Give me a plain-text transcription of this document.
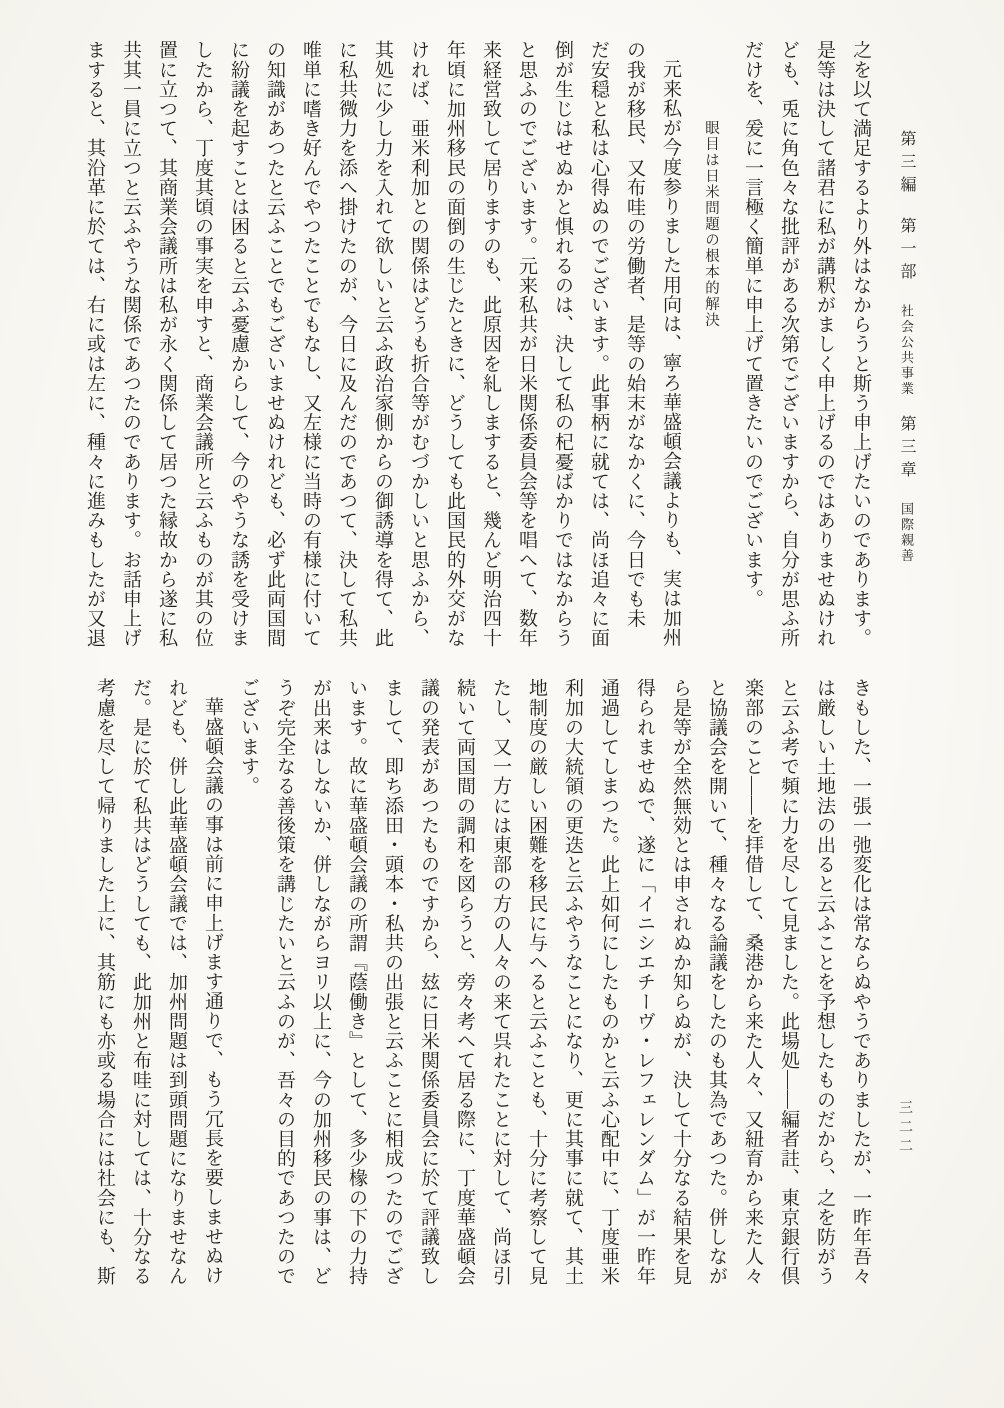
第三編第一部社会公共事業第三章国際親善
三二二
之を以て満足するより外はなからうと斯う申上げたいのであります。
是等は決して諸君に私が講釈がましく申上げるのではありませぬけれ
ども、兎に角色々な批評がある次第でございますから、自分が思ふ所
だけを、爰に一言極く簡単に申上げて置きたいのでございます。
眼目は日米問題の根本的解決
元来私が今度参りました用向は、寧ろ華盛頓会議よりも、実は加州
の我が移民、又布哇の労働者、是等の始末がなかくに、今日でも未
だ安穏と私は心得ぬのでございます。此事柄に就ては、尚ほ追々に面
倒が生じはせぬかと惧れるのは、決して私の杞憂ばかりではなからう
と思ふのでございます。元来私共が日米関係委員会等を唱へて、数年
来経営致して居りますのも、此原因を糺しますると、幾んど明治四十
年頃に加州移民の面倒の生じたときに、どうしても此国民的外交がな
ければ、亜米利加との関係はどうも折合等がむづかしいと思ふから、
其処に少し力を入れて欲しいと云ふ政治家側からの御誘導を得て、此
に私共微力を添へ掛けたのが、今日に及んだのであつて、決して私共
唯単に嗜き好んでやつたことでもなし、又左様に当時の有様に付いて
の知識があつたと云ふことでもございませぬけれども、必ず此両国間
に紛議を起すことは困ると云ふ憂慮からして、今のやうな誘を受けま
したから、丁度其頃の事実を申すと、商業会議所と云ふものが其の位
置に立つて、其商業会議所は私が永く関係して居つた縁故から遂に私
共其一員に立つと云ふやうな関係であつたのであります。お話申上げ
ますると、其沿革に於ては、右に或は左に、種々に進みもしたが又退
きもした、一張一弛変化は常ならぬやうでありましたが、一昨年吾々
は厳しい土地法の出ると云ふことを予想したものだから、之を防がう
と云ふ考で頻に力を尽して見ました。此場処――編者註、東京銀行倶
楽部のこと――を拝借して、桑港から来た人々、又紐育から来た人々
と協議会を開いて、種々なる論議をしたのも其為であつた。併しなが
ら是等が全然無効とは申されぬか知らぬが、決して十分なる結果を見
得られませぬで、遂に「イニシエチーヴ・レフェレンダム」が一昨年
通過してしまつた。此上如何にしたものかと云ふ心配中に、丁度亜米
利加の大統領の更迭と云ふやうなことになり、更に其事に就て、其土
地制度の厳しい困難を移民に与へると云ふことも、十分に考察して見
たし、又一方には東部の方の人々の来て呉れたことに対して、尚ほ引
続いて両国間の調和を図らうと、旁々考へて居る際に、丁度華盛頓会
議の発表があつたものですから、玆に日米関係委員会に於て評議致し
まして、即ち添田・頭本・私共の出張と云ふことに相成つたのでござ
います。故に華盛頓会議の所謂『蔭働き』として、多少椽の下の力持
が出来はしないか、併しながらヨリ以上に、今の加州移民の事は、ど
うぞ完全なる善後策を講じたいと云ふのが、吾々の目的であつたので
ございます。
華盛頓会議の事は前に申上げます通りで、もう冗長を要しませぬけ
れども、併し此華盛頓会議では、加州問題は到頭問題になりませなん
だ。是に於て私共はどうしても、此加州と布哇に対しては、十分なる
考慮を尽して帰りました上に、其筋にも亦或る場合には社会にも、斯
